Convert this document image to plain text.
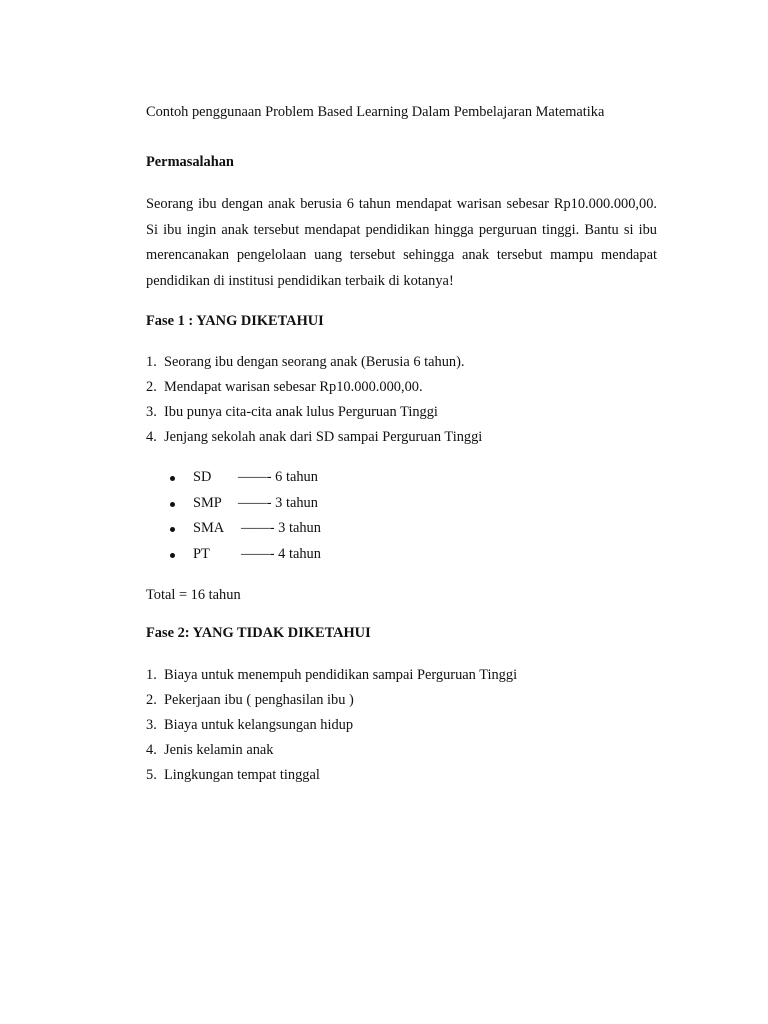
Contoh penggunaan Problem Based Learning Dalam Pembelajaran Matematika

Permasalahan

Seorang ibu dengan anak berusia 6 tahun mendapat warisan sebesar Rp10.000.000,00. Si ibu ingin anak tersebut mendapat pendidikan hingga perguruan tinggi. Bantu si ibu merencanakan pengelolaan uang tersebut sehingga anak tersebut mampu mendapat pendidikan di institusi pendidikan terbaik di kotanya!

Fase 1 : YANG DIKETAHUI

1. Seorang ibu dengan seorang anak (Berusia 6 tahun).
2. Mendapat warisan sebesar Rp10.000.000,00.
3. Ibu punya cita-cita anak lulus Perguruan Tinggi
4. Jenjang sekolah anak dari SD sampai Perguruan Tinggi
SD ——- 6 tahun
SMP ——- 3 tahun
SMA ——- 3 tahun
PT ——- 4 tahun

Total = 16 tahun

Fase 2: YANG TIDAK DIKETAHUI

1. Biaya untuk menempuh pendidikan sampai Perguruan Tinggi
2. Pekerjaan ibu ( penghasilan ibu )
3. Biaya untuk kelangsungan hidup
4. Jenis kelamin anak
5. Lingkungan tempat tinggal
